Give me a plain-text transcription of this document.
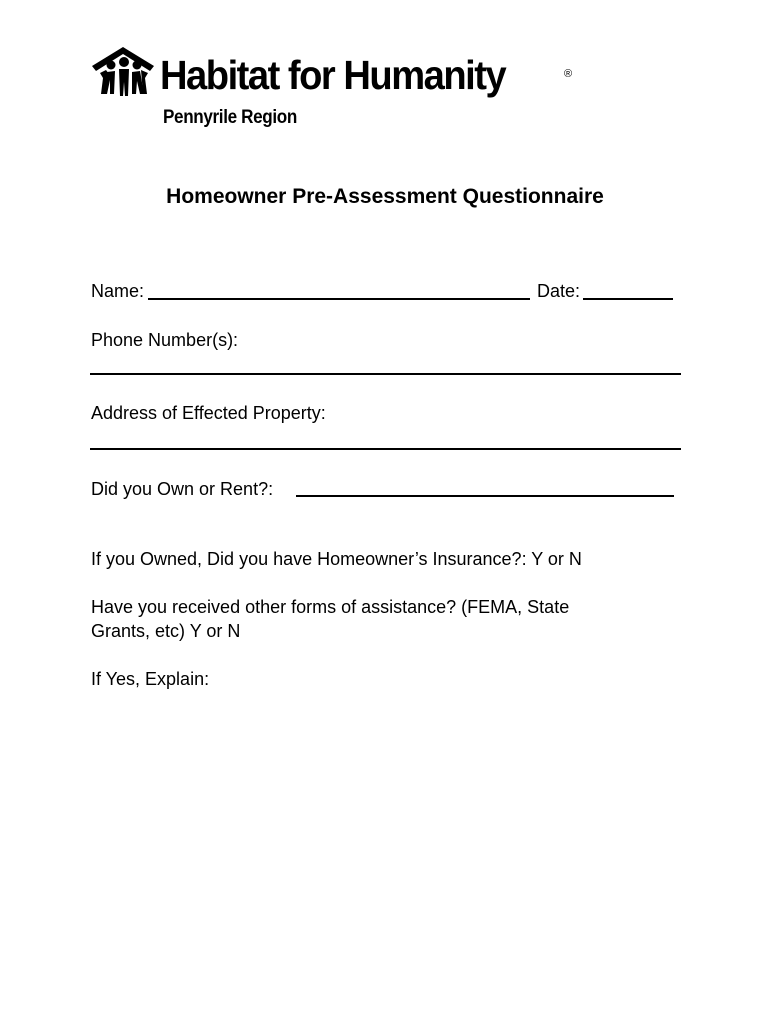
Habitat for Humanity	®
Pennyrile Region
Homeowner Pre-Assessment Questionnaire
Name:	Date:
Phone Number(s):
Address of Effected Property:
Did you Own or Rent?:
If you Owned, Did you have Homeowner’s Insurance?: Y or N
Have you received other forms of assistance? (FEMA, State
Grants, etc) Y or N
If Yes, Explain:
